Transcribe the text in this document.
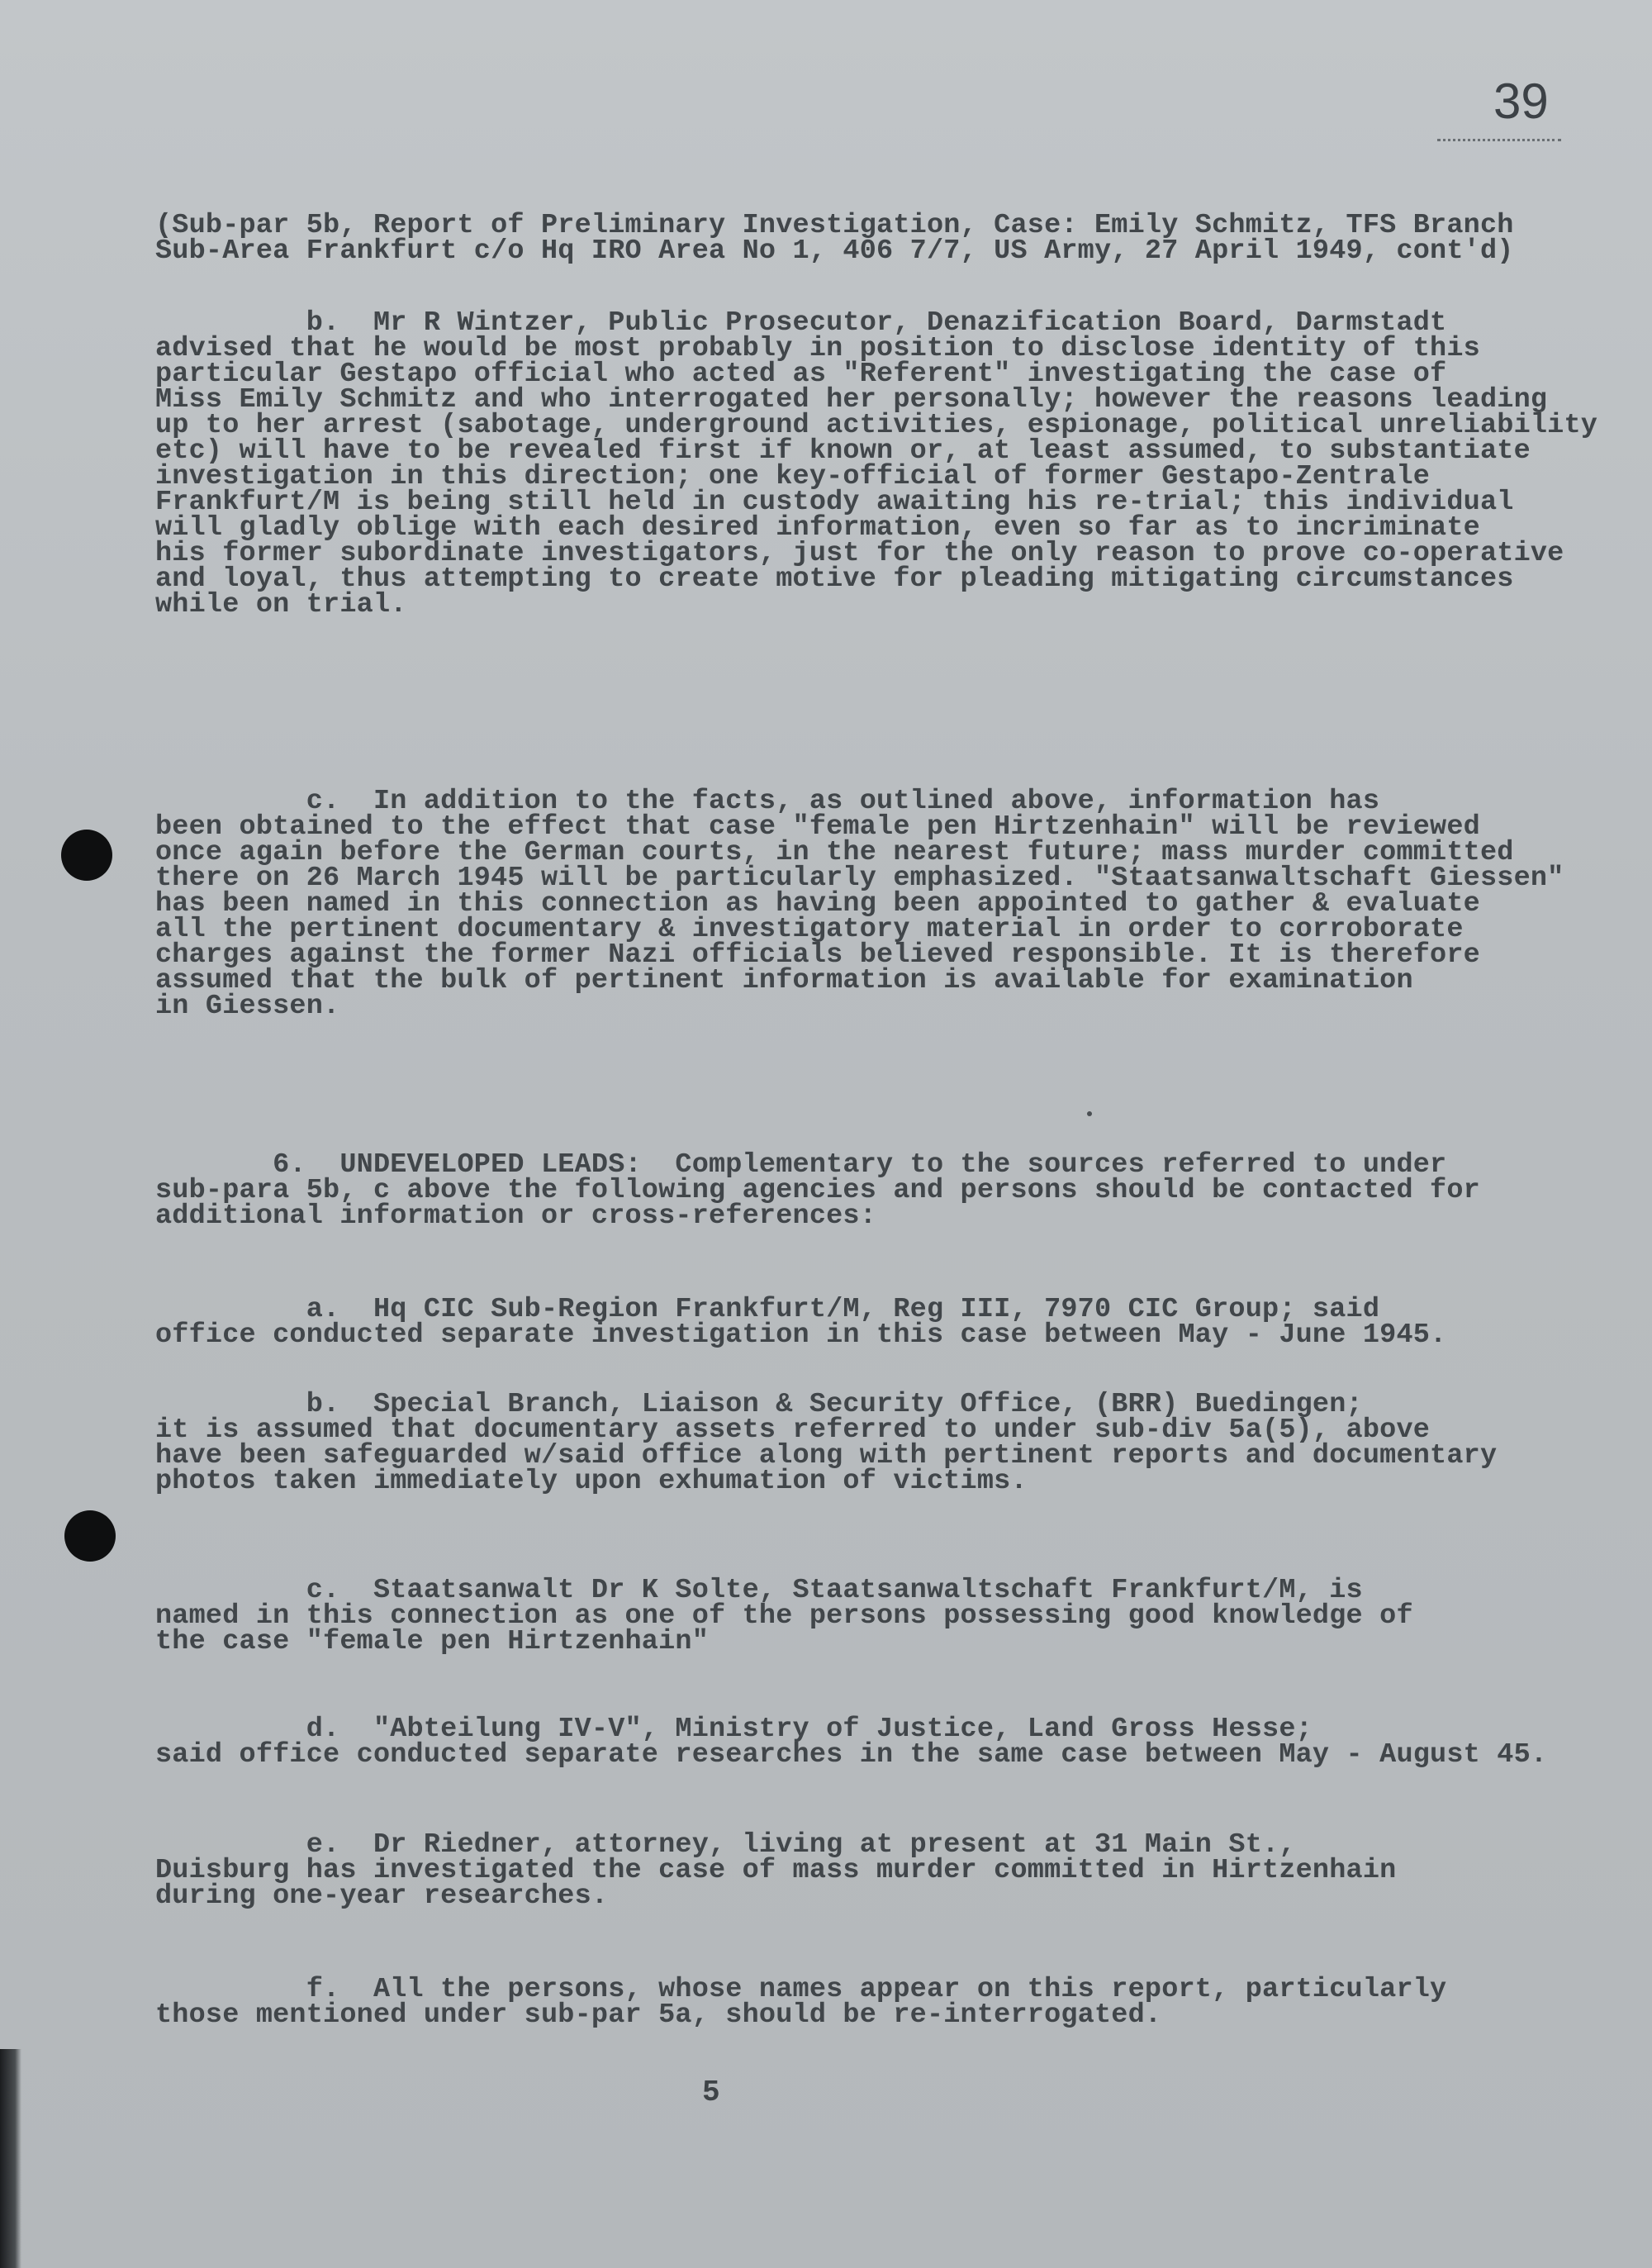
39
(Sub-par 5b, Report of Preliminary Investigation, Case: Emily Schmitz, TFS Branch
Sub-Area Frankfurt c/o Hq IRO Area No 1, 406 7/7, US Army, 27 April 1949, cont'd)
b.  Mr R Wintzer, Public Prosecutor, Denazification Board, Darmstadt
advised that he would be most probably in position to disclose identity of this
particular Gestapo official who acted as "Referent" investigating the case of
Miss Emily Schmitz and who interrogated her personally; however the reasons leading
up to her arrest (sabotage, underground activities, espionage, political unreliability
etc) will have to be revealed first if known or, at least assumed, to substantiate
investigation in this direction; one key-official of former Gestapo-Zentrale
Frankfurt/M is being still held in custody awaiting his re-trial; this individual
will gladly oblige with each desired information, even so far as to incriminate
his former subordinate investigators, just for the only reason to prove co-operative
and loyal, thus attempting to create motive for pleading mitigating circumstances
while on trial.
c.  In addition to the facts, as outlined above, information has
been obtained to the effect that case "female pen Hirtzenhain" will be reviewed
once again before the German courts, in the nearest future; mass murder committed
there on 26 March 1945 will be particularly emphasized. "Staatsanwaltschaft Giessen"
has been named in this connection as having been appointed to gather & evaluate
all the pertinent documentary & investigatory material in order to corroborate
charges against the former Nazi officials believed responsible. It is therefore
assumed that the bulk of pertinent information is available for examination
in Giessen.
6.  UNDEVELOPED LEADS:  Complementary to the sources referred to under
sub-para 5b, c above the following agencies and persons should be contacted for
additional information or cross-references:
a.  Hq CIC Sub-Region Frankfurt/M, Reg III, 7970 CIC Group; said
office conducted separate investigation in this case between May - June 1945.
b.  Special Branch, Liaison & Security Office, (BRR) Buedingen;
it is assumed that documentary assets referred to under sub-div 5a(5), above
have been safeguarded w/said office along with pertinent reports and documentary
photos taken immediately upon exhumation of victims.
c.  Staatsanwalt Dr K Solte, Staatsanwaltschaft Frankfurt/M, is
named in this connection as one of the persons possessing good knowledge of
the case "female pen Hirtzenhain"
d.  "Abteilung IV-V", Ministry of Justice, Land Gross Hesse;
said office conducted separate researches in the same case between May - August 45.
e.  Dr Riedner, attorney, living at present at 31 Main St.,
Duisburg has investigated the case of mass murder committed in Hirtzenhain
during one-year researches.
f.  All the persons, whose names appear on this report, particularly
those mentioned under sub-par 5a, should be re-interrogated.
5
